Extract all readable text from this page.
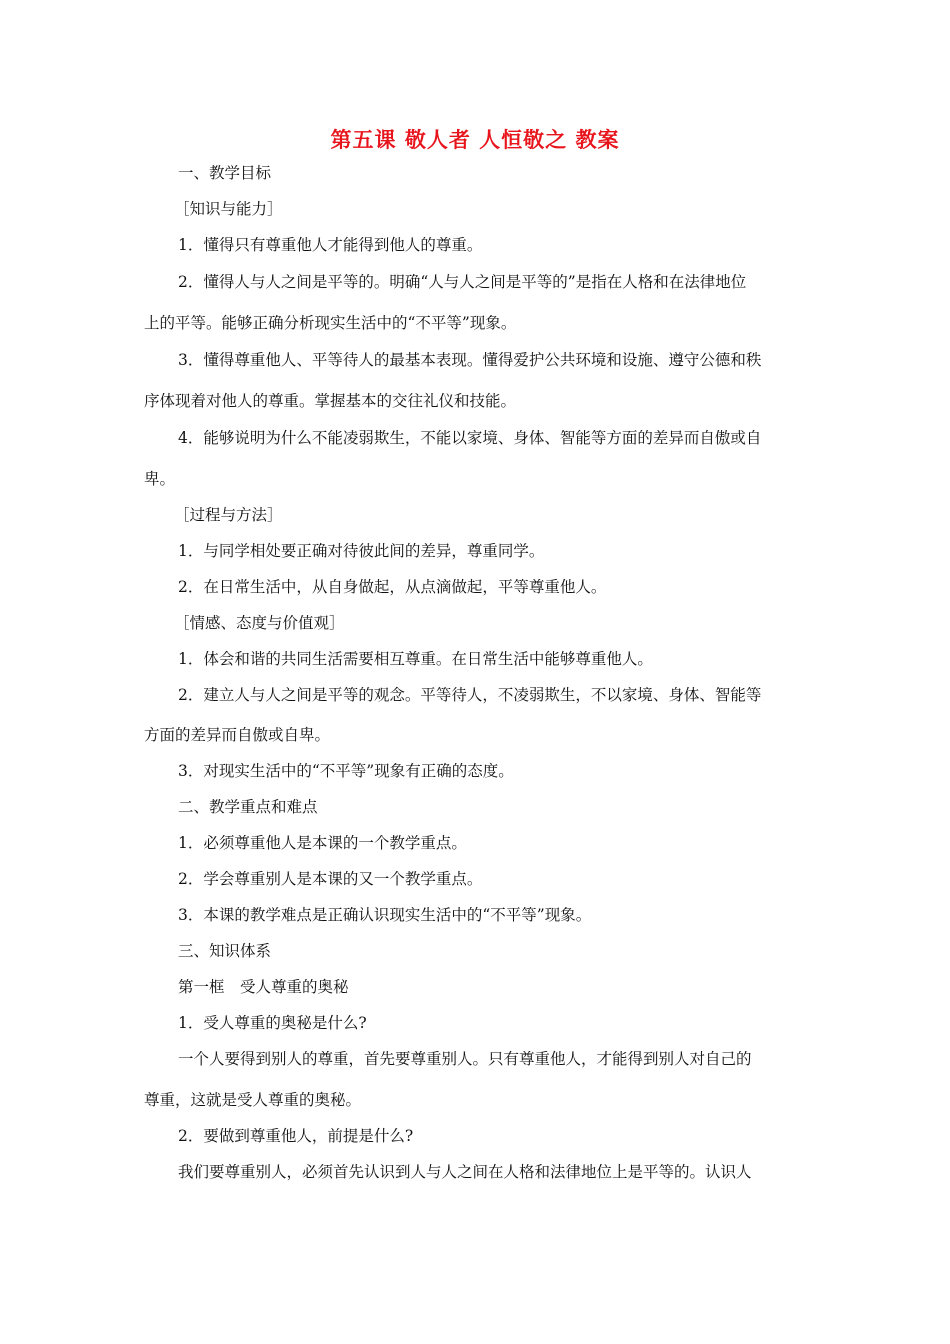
第五课 敬人者 人恒敬之 教案
一、教学目标
［知识与能力］
1．懂得只有尊重他人才能得到他人的尊重。
2．懂得人与人之间是平等的。明确“人与人之间是平等的”是指在人格和在法律地位
上的平等。能够正确分析现实生活中的“不平等”现象。
3．懂得尊重他人、平等待人的最基本表现。懂得爱护公共环境和设施、遵守公德和秩
序体现着对他人的尊重。掌握基本的交往礼仪和技能。
4．能够说明为什么不能凌弱欺生，不能以家境、身体、智能等方面的差异而自傲或自
卑。
［过程与方法］
1．与同学相处要正确对待彼此间的差异，尊重同学。
2．在日常生活中，从自身做起，从点滴做起，平等尊重他人。
［情感、态度与价值观］
1．体会和谐的共同生活需要相互尊重。在日常生活中能够尊重他人。
2．建立人与人之间是平等的观念。平等待人，不凌弱欺生，不以家境、身体、智能等
方面的差异而自傲或自卑。
3．对现实生活中的“不平等”现象有正确的态度。
二、教学重点和难点
1．必须尊重他人是本课的一个教学重点。
2．学会尊重别人是本课的又一个教学重点。
3．本课的教学难点是正确认识现实生活中的“不平等”现象。
三、知识体系
第一框　受人尊重的奥秘
1．受人尊重的奥秘是什么?
一个人要得到别人的尊重，首先要尊重别人。只有尊重他人，才能得到别人对自己的
尊重，这就是受人尊重的奥秘。
2．要做到尊重他人，前提是什么?
我们要尊重别人，必须首先认识到人与人之间在人格和法律地位上是平等的。认识人
